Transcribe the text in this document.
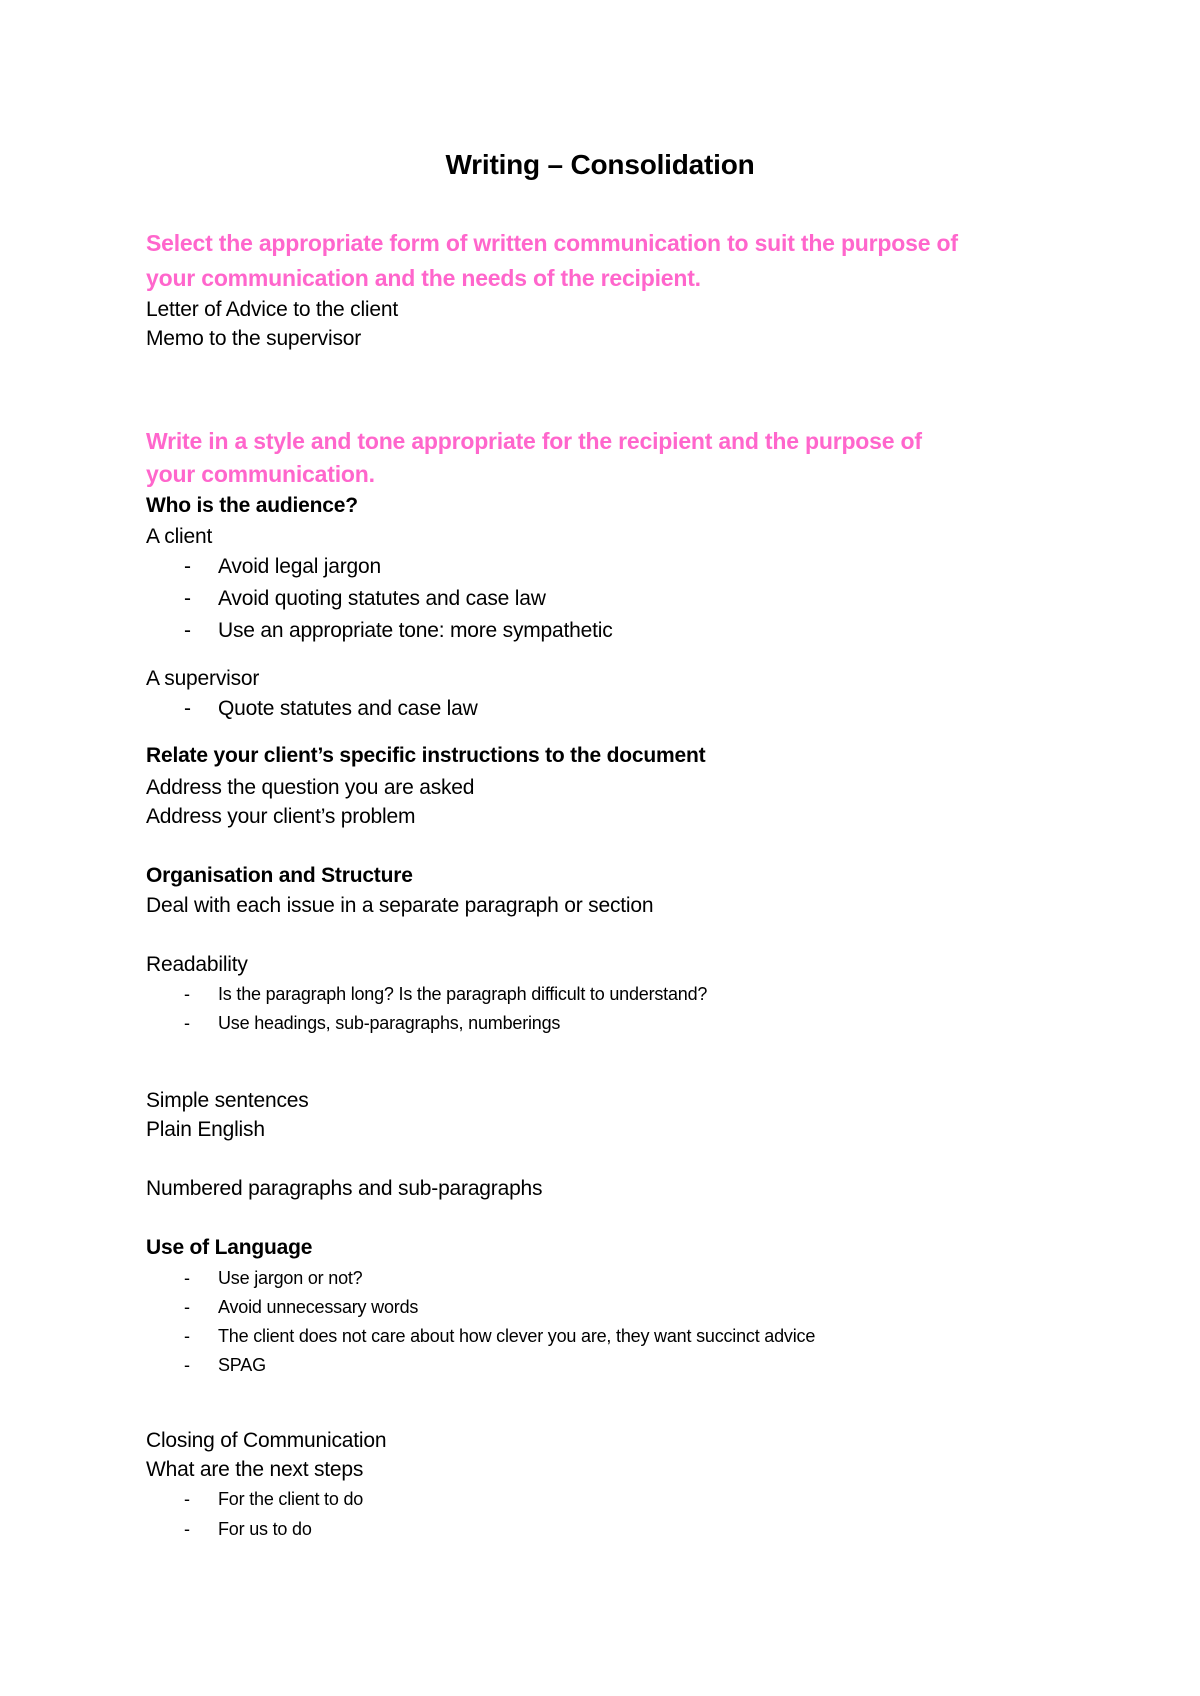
Writing – Consolidation

Select the appropriate form of written communication to suit the purpose of

your communication and the needs of the recipient.

Letter of Advice to the client

Memo to the supervisor

Write in a style and tone appropriate for the recipient and the purpose of

your communication.

Who is the audience?

A client

- Avoid legal jargon

- Avoid quoting statutes and case law

- Use an appropriate tone: more sympathetic

A supervisor

- Quote statutes and case law

Relate your client’s specific instructions to the document

Address the question you are asked

Address your client’s problem

Organisation and Structure

Deal with each issue in a separate paragraph or section

Readability

- Is the paragraph long? Is the paragraph difficult to understand?

- Use headings, sub-paragraphs, numberings

Simple sentences

Plain English

Numbered paragraphs and sub-paragraphs

Use of Language

- Use jargon or not?

- Avoid unnecessary words

- The client does not care about how clever you are, they want succinct advice

- SPAG

Closing of Communication

What are the next steps

- For the client to do

- For us to do
